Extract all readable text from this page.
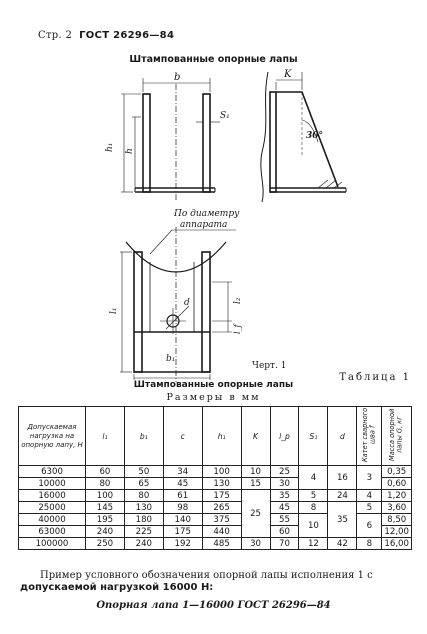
Стр. 2 ГОСТ 26296—84
Штампованные опорные лапы
b
S₁
h₁ h
K
30°
По диаметру
аппарата
l₁
l₂
l_f
b₁
d
Черт. 1
Таблица 1
Штампованные опорные лапы
Размеры в мм
Допускаемая нагрузка на опорную лапу, Н	l₁	b₁	c	h₁	K	l_p	S₁	d	Катет сварного шва f	Масса опорной лапы G, кг
6300	60	50	34	100	10	25	4	16	3	0,35
10000	80	65	45	130	15	30				0,60
16000	100	80	61	175	25	35	5	24	4	1,20
25000	145	130	98	265		45	8	35	5	3,60
40000	195	180	140	375		55	10		6	8,50
63000	240	225	175	440		60				12,00
100000	250	240	192	485	30	70	12	42	8	16,00
Пример условного обозначения опорной лапы исполнения 1 с
допускаемой нагрузкой 16000 Н:
Опорная лапа 1—16000 ГОСТ 26296—84
